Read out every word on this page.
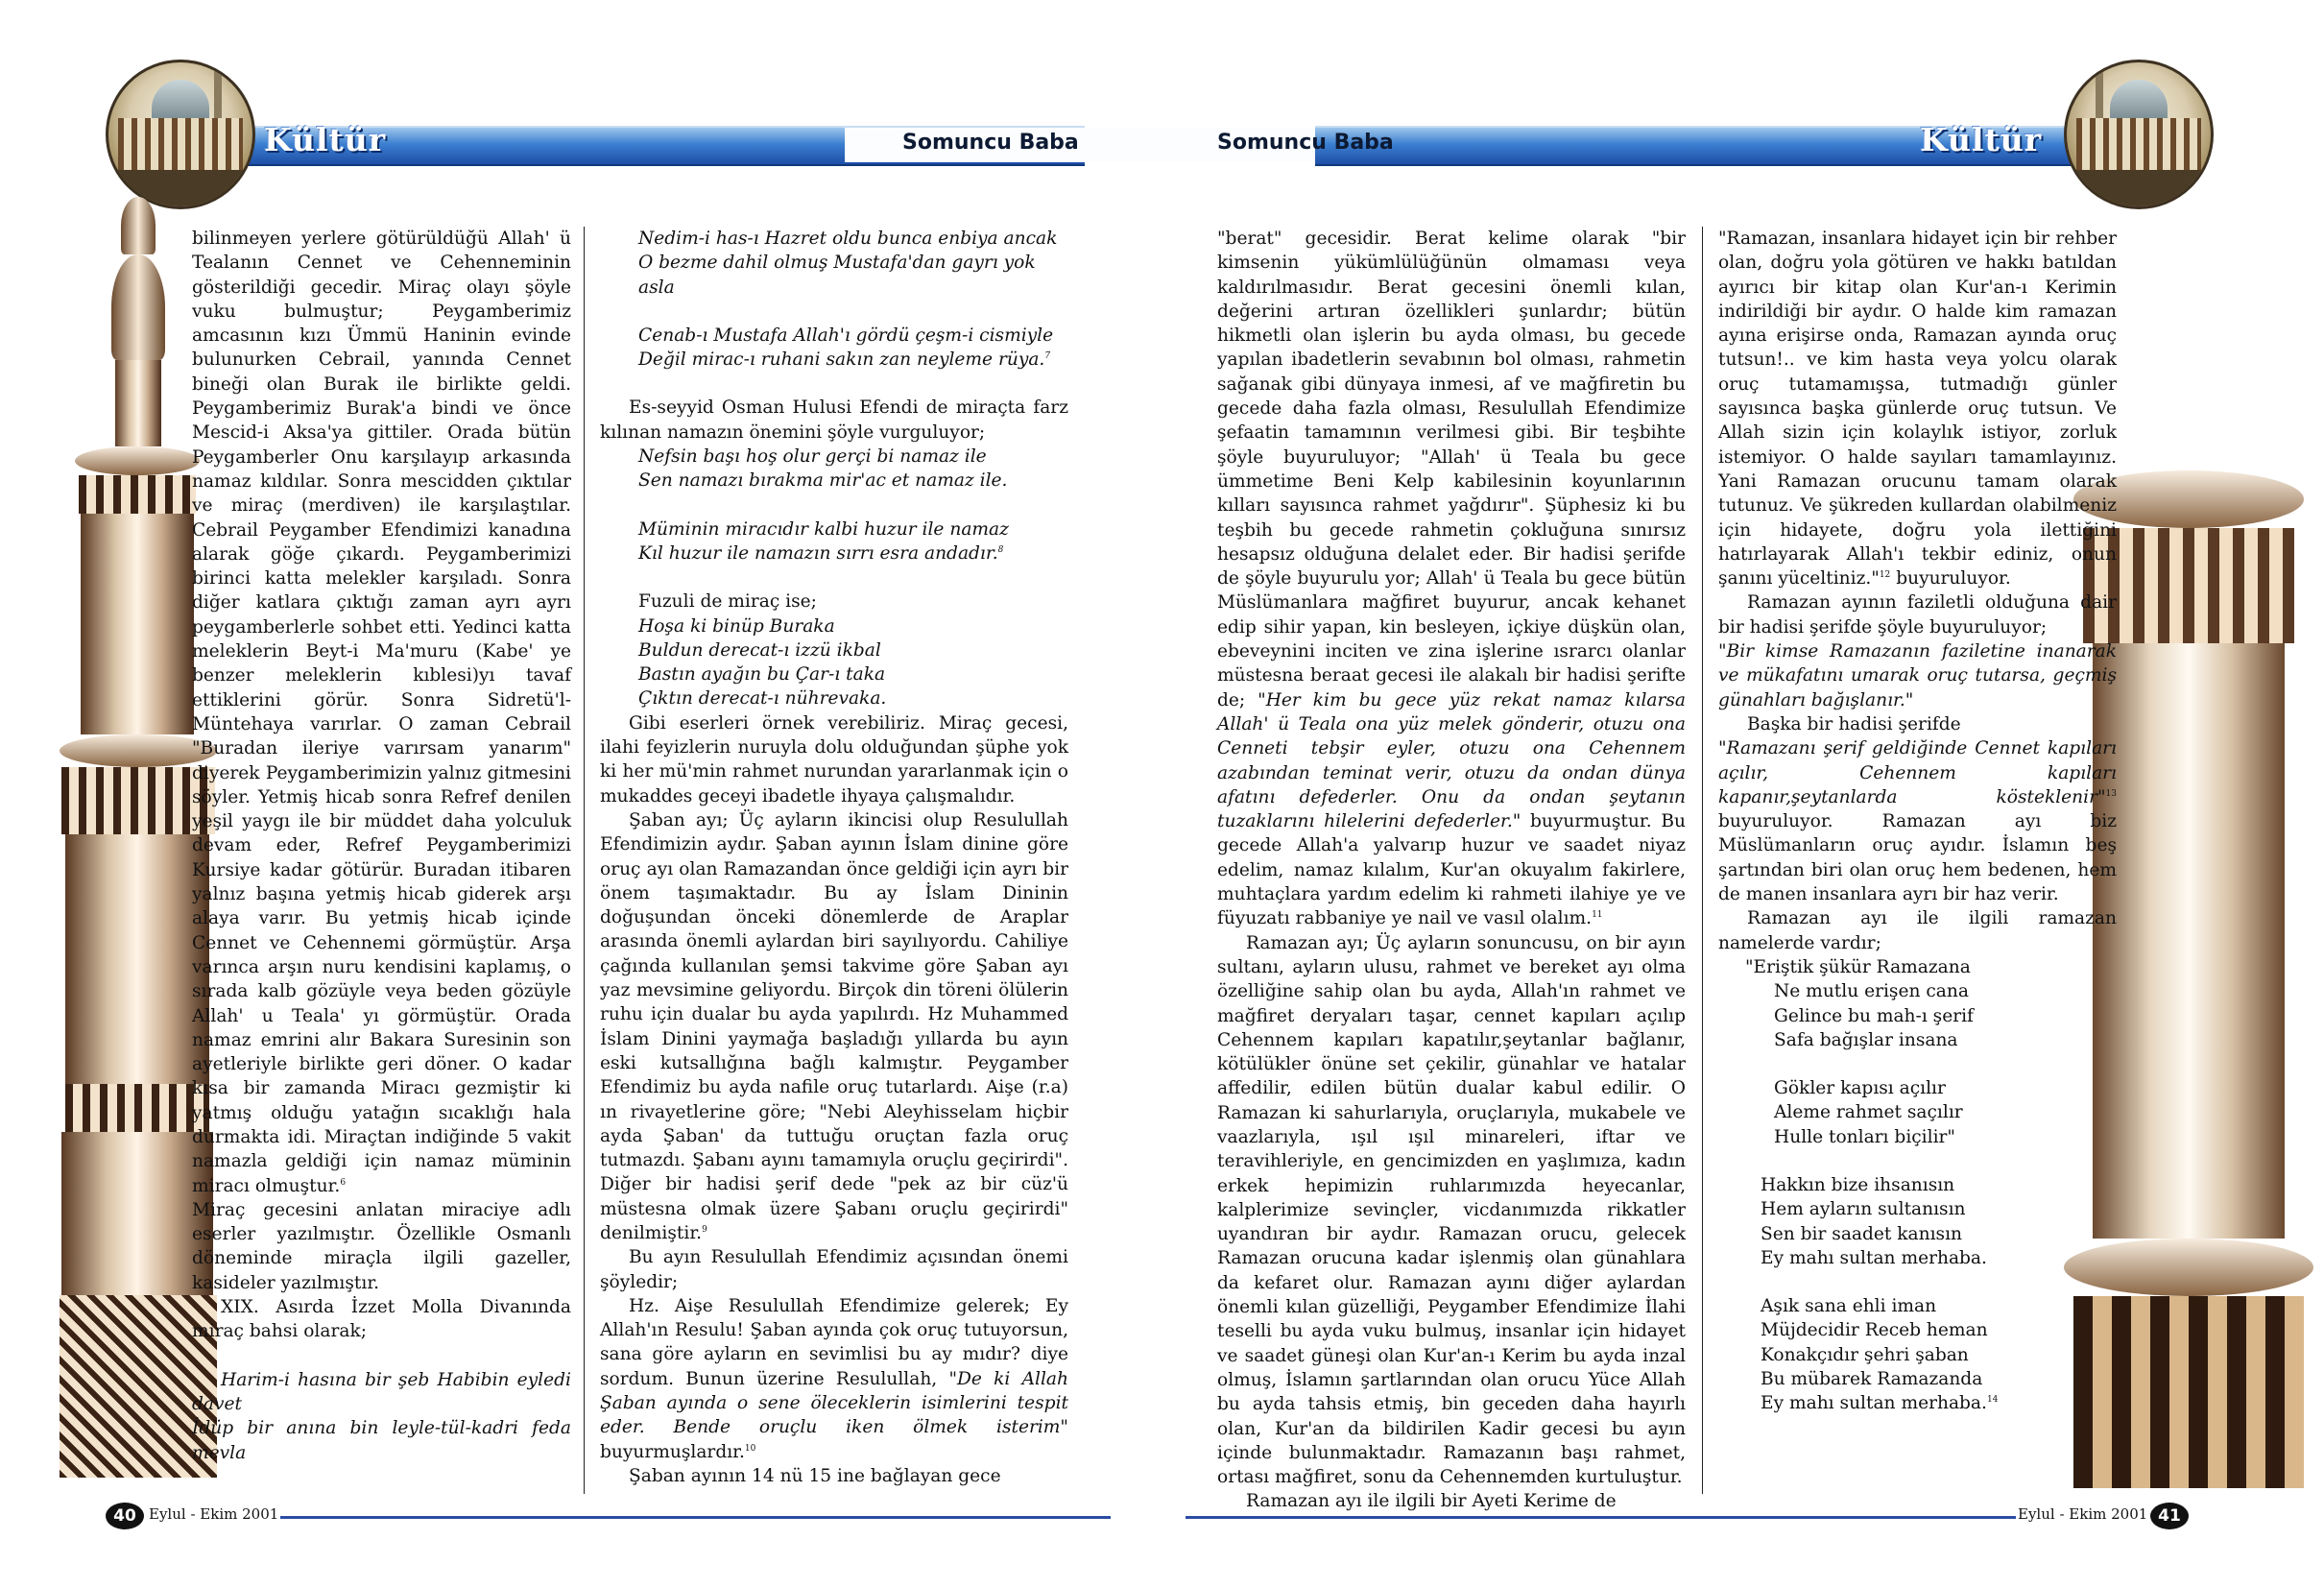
Kültür	Kültür
Somuncu Baba	Somuncu Baba

bilinmeyen yerlere götürüldüğü Allah' ü Tealanın Cennet ve Cehenneminin gösterildiği gecedir. Miraç olayı şöyle vuku bulmuştur; Peygamberimiz amcasının kızı Ümmü Haninin evinde bulunurken Cebrail, yanında Cennet bineği olan Burak ile birlikte geldi. Peygamberimiz Burak'a bindi ve önce Mescid-i Aksa'ya gittiler. Orada bütün Peygamberler Onu karşılayıp arkasında namaz kıldılar. Sonra mescidden çıktılar ve miraç (merdiven) ile karşılaştılar. Cebrail Peygamber Efendimizi kanadına alarak göğe çıkardı. Peygamberimizi birinci katta melekler karşıladı. Sonra diğer katlara çıktığı zaman ayrı ayrı peygamberlerle sohbet etti. Yedinci katta meleklerin Beyt-i Ma'muru (Kabe' ye benzer meleklerin kıblesi)yı tavaf ettiklerini görür. Sonra Sidretü'l-Müntehaya varırlar. O zaman Cebrail "Buradan ileriye varırsam yanarım" diyerek Peygamberimizin yalnız gitmesini söyler. Yetmiş hicab sonra Refref denilen yeşil yaygı ile bir müddet daha yolculuk devam eder, Refref Peygamberimizi Kursiye kadar götürür. Buradan itibaren yalnız başına yetmiş hicab giderek arşı alaya varır. Bu yetmiş hicab içinde Cennet ve Cehennemi görmüştür. Arşa varınca arşın nuru kendisini kaplamış, o sırada kalb gözüyle veya beden gözüyle Allah' u Teala' yı görmüştür. Orada namaz emrini alır Bakara Suresinin son ayetleriyle birlikte geri döner. O kadar kısa bir zamanda Miracı gezmiştir ki yatmış olduğu yatağın sıcaklığı hala durmakta idi. Miraçtan indiğinde 5 vakit namazla geldiği için namaz müminin miracı olmuştur.$^6$

Miraç gecesini anlatan miraciye adlı eserler yazılmıştır. Özellikle Osmanlı döneminde miraçla ilgili gazeller, kasideler yazılmıştır.

XIX. Asırda İzzet Molla Divanında miraç bahsi olarak;

Harim-i hasına bir şeb Habibin eyledi davet

İdüp bir anına bin leyle-tül-kadri feda mevla

Nedim-i has-ı Hazret oldu bunca enbiya ancak

O bezme dahil olmuş Mustafa'dan gayrı yok asla

Cenab-ı Mustafa Allah'ı gördü çeşm-i cismiyle

Değil mirac-ı ruhani sakın zan neyleme rüya.$^7$

Es-seyyid Osman Hulusi Efendi de miraçta farz kılınan namazın önemini şöyle vurguluyor;

Nefsin başı hoş olur gerçi bi namaz ile

Sen namazı bırakma mir'ac et namaz ile.

Müminin miracıdır kalbi huzur ile namaz

Kıl huzur ile namazın sırrı esra andadır.$^8$

Fuzuli de miraç ise;

Hoşa ki binüp Buraka

Buldun derecat-ı izzü ikbal

Bastın ayağın bu Çar-ı taka

Çıktın derecat-ı nührevaka.

Gibi eserleri örnek verebiliriz. Miraç gecesi, ilahi feyizlerin nuruyla dolu olduğundan şüphe yok ki her mü'min rahmet nurundan yararlanmak için o mukaddes geceyi ibadetle ihyaya çalışmalıdır.

Şaban ayı; Üç ayların ikincisi olup Resulullah Efendimizin aydır. Şaban ayının İslam dinine göre oruç ayı olan Ramazandan önce geldiği için ayrı bir önem taşımaktadır. Bu ay İslam Dininin doğuşundan önceki dönemlerde de Araplar arasında önemli aylardan biri sayılıyordu. Cahiliye çağında kullanılan şemsi takvime göre Şaban ayı yaz mevsimine geliyordu. Birçok din töreni ölülerin ruhu için dualar bu ayda yapılırdı. Hz Muhammed İslam Dinini yaymağa başladığı yıllarda bu ayın eski kutsallığına bağlı kalmıştır. Peygamber Efendimiz bu ayda nafile oruç tutarlardı. Aişe (r.a) ın rivayetlerine göre; "Nebi Aleyhisselam hiçbir ayda Şaban' da tuttuğu oruçtan fazla oruç tutmazdı. Şabanı ayını tamamıyla oruçlu geçirirdi". Diğer bir hadisi şerif dede "pek az bir cüz'ü müstesna olmak üzere Şabanı oruçlu geçirirdi" denilmiştir.$^9$

Bu ayın Resulullah Efendimiz açısından önemi şöyledir;

Hz. Aişe Resulullah Efendimize gelerek; Ey Allah'ın Resulu! Şaban ayında çok oruç tutuyorsun, sana göre ayların en sevimlisi bu ay mıdır? diye sordum. Bunun üzerine Resulullah, "De ki Allah Şaban ayında o sene öleceklerin isimlerini tespit eder. Bende oruçlu iken ölmek isterim" buyurmuşlardır.$^{10}$

Şaban ayının 14 nü 15 ine bağlayan gece

"berat" gecesidir. Berat kelime olarak "bir kimsenin yükümlülüğünün olmaması veya kaldırılmasıdır. Berat gecesini önemli kılan, değerini artıran özellikleri şunlardır; bütün hikmetli olan işlerin bu ayda olması, bu gecede yapılan ibadetlerin sevabının bol olması, rahmetin sağanak gibi dünyaya inmesi, af ve mağfiretin bu gecede daha fazla olması, Resulullah Efendimize şefaatin tamamının verilmesi gibi. Bir teşbihte şöyle buyuruluyor; "Allah' ü Teala bu gece ümmetime Beni Kelp kabilesinin koyunlarının kılları sayısınca rahmet yağdırır". Şüphesiz ki bu teşbih bu gecede rahmetin çokluğuna sınırsız hesapsız olduğuna delalet eder. Bir hadisi şerifde de şöyle buyurulu yor; Allah' ü Teala bu gece bütün Müslümanlara mağfiret buyurur, ancak kehanet edip sihir yapan, kin besleyen, içkiye düşkün olan, ebeveynini inciten ve zina işlerine ısrarcı olanlar müstesna beraat gecesi ile alakalı bir hadisi şerifte de; "Her kim bu gece yüz rekat namaz kılarsa Allah' ü Teala ona yüz melek gönderir, otuzu ona Cenneti tebşir eyler, otuzu ona Cehennem azabından teminat verir, otuzu da ondan dünya afatını defederler. Onu da ondan şeytanın tuzaklarını hilelerini defederler." buyurmuştur. Bu gecede Allah'a yalvarıp huzur ve saadet niyaz edelim, namaz kılalım, Kur'an okuyalım fakirlere, muhtaçlara yardım edelim ki rahmeti ilahiye ye ve füyuzatı rabbaniye ye nail ve vasıl olalım.$^{11}$

Ramazan ayı; Üç ayların sonuncusu, on bir ayın sultanı, ayların ulusu, rahmet ve bereket ayı olma özelliğine sahip olan bu ayda, Allah'ın rahmet ve mağfiret deryaları taşar, cennet kapıları açılıp Cehennem kapıları kapatılır,şeytanlar bağlanır, kötülükler önüne set çekilir, günahlar ve hatalar affedilir, edilen bütün dualar kabul edilir. O Ramazan ki sahurlarıyla, oruçlarıyla, mukabele ve vaazlarıyla, ışıl ışıl minareleri, iftar ve teravihleriyle, en gencimizden en yaşlımıza, kadın erkek hepimizin ruhlarımızda heyecanlar, kalplerimize sevinçler, vicdanımızda rikkatler uyandıran bir aydır. Ramazan orucu, gelecek Ramazan orucuna kadar işlenmiş olan günahlara da kefaret olur. Ramazan ayını diğer aylardan önemli kılan güzelliği, Peygamber Efendimize İlahi teselli bu ayda vuku bulmuş, insanlar için hidayet ve saadet güneşi olan Kur'an-ı Kerim bu ayda inzal olmuş, İslamın şartlarından olan orucu Yüce Allah bu ayda tahsis etmiş, bin geceden daha hayırlı olan, Kur'an da bildirilen Kadir gecesi bu ayın içinde bulunmaktadır. Ramazanın başı rahmet, ortası mağfiret, sonu da Cehennemden kurtuluştur.

Ramazan ayı ile ilgili bir Ayeti Kerime de

"Ramazan, insanlara hidayet için bir rehber olan, doğru yola götüren ve hakkı batıldan ayırıcı bir kitap olan Kur'an-ı Kerimin indirildiği bir aydır. O halde kim ramazan ayına erişirse onda, Ramazan ayında oruç tutsun!.. ve kim hasta veya yolcu olarak oruç tutamamışsa, tutmadığı günler sayısınca başka günlerde oruç tutsun. Ve Allah sizin için kolaylık istiyor, zorluk istemiyor. O halde sayıları tamamlayınız. Yani Ramazan orucunu tamam olarak tutunuz. Ve şükreden kullardan olabilmeniz için hidayete, doğru yola ilettiğini hatırlayarak Allah'ı tekbir ediniz, onun şanını yüceltiniz."$^{12}$ buyuruluyor.

Ramazan ayının faziletli olduğuna dair bir hadisi şerifde şöyle buyuruluyor;

"Bir kimse Ramazanın faziletine inanarak ve mükafatını umarak oruç tutarsa, geçmiş günahları bağışlanır."

Başka bir hadisi şerifde

"Ramazanı şerif geldiğinde Cennet kapıları açılır, Cehennem kapıları kapanır,şeytanlarda kösteklenir"$^{13}$ buyuruluyor. Ramazan ayı biz Müslümanların oruç ayıdır. İslamın beş şartından biri olan oruç hem bedenen, hem de manen insanlara ayrı bir haz verir.

Ramazan ayı ile ilgili ramazan namelerde vardır;

"Eriştik şükür Ramazana

Ne mutlu erişen cana

Gelince bu mah-ı şerif

Safa bağışlar insana

Gökler kapısı açılır

Aleme rahmet saçılır

Hulle tonları biçilir"

Hakkın bize ihsanısın

Hem ayların sultanısın

Sen bir saadet kanısın

Ey mahı sultan merhaba.

Aşık sana ehli iman

Müjdecidir Receb heman

Konakçıdır şehri şaban

Bu mübarek Ramazanda

Ey mahı sultan merhaba.$^{14}$

40 Eylul - Ekim 2001	Eylul - Ekim 2001 41
